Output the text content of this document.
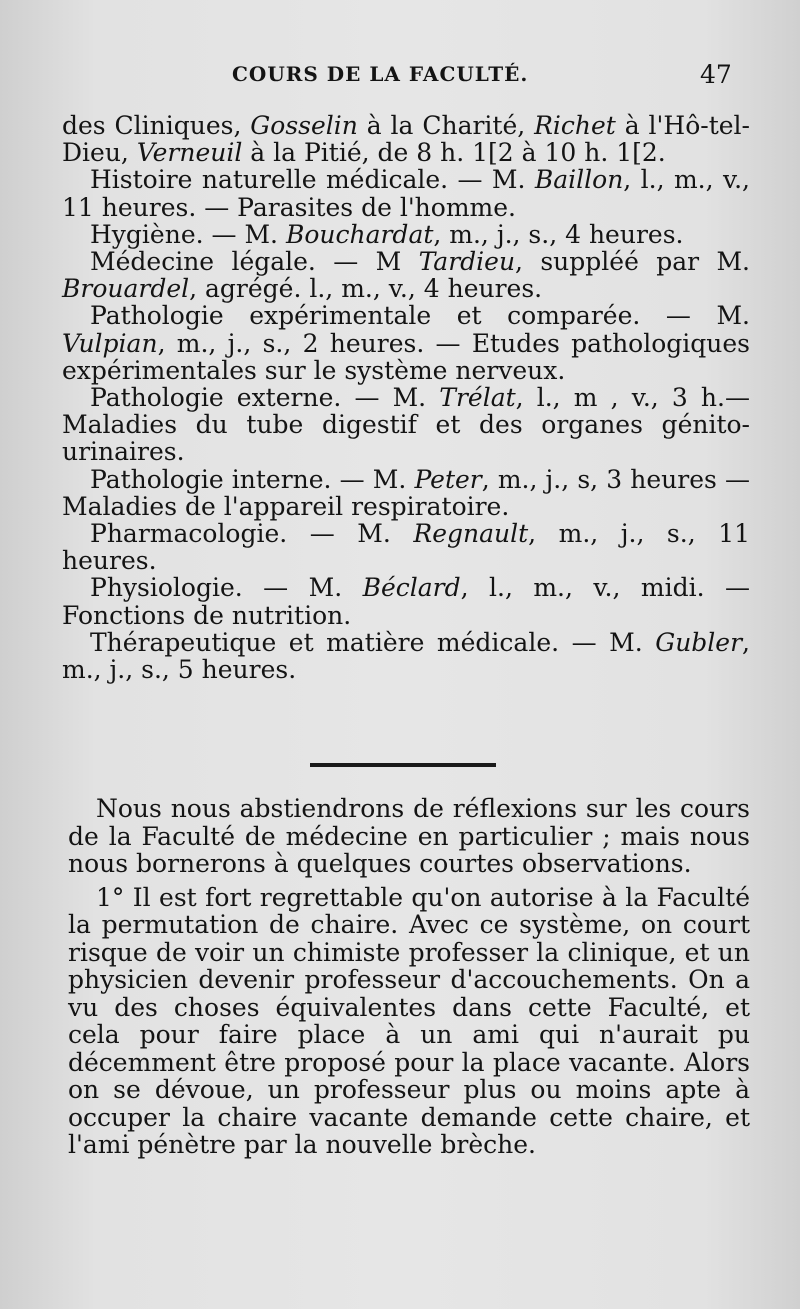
COURS DE LA FACULTÉ.	47

des Cliniques, Gosselin à la Charité, Richet à l'Hô-tel-Dieu, Verneuil à la Pitié, de 8 h. 1[2 à 10 h. 1[2.

Histoire naturelle médicale. — M. Baillon, l., m., v., 11 heures. — Parasites de l'homme.

Hygiène. — M. Bouchardat, m., j., s., 4 heures.

Médecine légale. — M Tardieu, suppléé par M. Brouardel, agrégé. l., m., v., 4 heures.

Pathologie expérimentale et comparée. — M. Vulpian, m., j., s., 2 heures. — Etudes pathologiques expérimentales sur le système nerveux.

Pathologie externe. — M. Trélat, l., m , v., 3 h.— Maladies du tube digestif et des organes génito-urinaires.

Pathologie interne. — M. Peter, m., j., s, 3 heures — Maladies de l'appareil respiratoire.

Pharmacologie. — M. Regnault, m., j., s., 11 heures.

Physiologie. — M. Béclard, l., m., v., midi. — Fonctions de nutrition.

Thérapeutique et matière médicale. — M. Gubler, m., j., s., 5 heures.

Nous nous abstiendrons de réflexions sur les cours de la Faculté de médecine en particulier ; mais nous nous bornerons à quelques courtes observations.

1° Il est fort regrettable qu'on autorise à la Faculté la permutation de chaire. Avec ce système, on court risque de voir un chimiste professer la clinique, et un physicien devenir professeur d'accouchements. On a vu des choses équivalentes dans cette Faculté, et cela pour faire place à un ami qui n'aurait pu décemment être proposé pour la place vacante. Alors on se dévoue, un professeur plus ou moins apte à occuper la chaire vacante demande cette chaire, et l'ami pénètre par la nouvelle brèche.
